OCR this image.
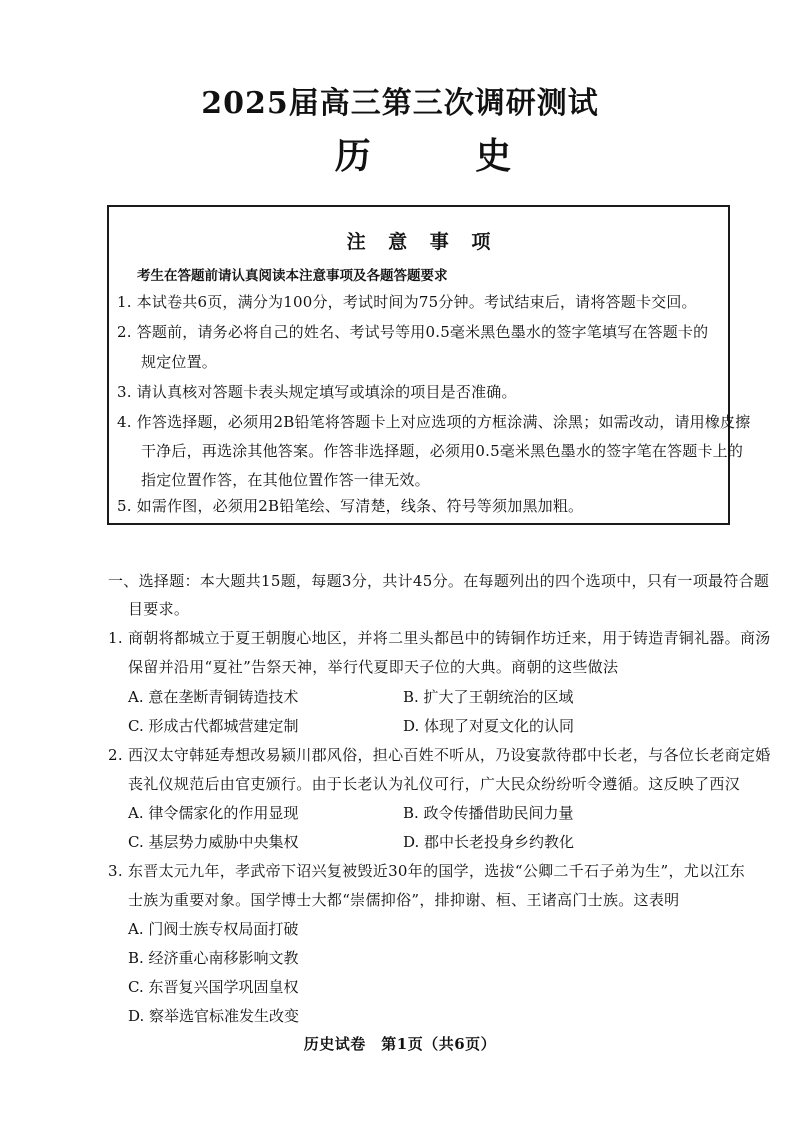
2025届高三第三次调研测试
历 史
注 意 事 项
考生在答题前请认真阅读本注意事项及各题答题要求
1. 本试卷共6页，满分为100分，考试时间为75分钟。考试结束后，请将答题卡交回。
2. 答题前，请务必将自己的姓名、考试号等用0.5毫米黑色墨水的签字笔填写在答题卡的
规定位置。
3. 请认真核对答题卡表头规定填写或填涂的项目是否准确。
4. 作答选择题，必须用2B铅笔将答题卡上对应选项的方框涂满、涂黑；如需改动，请用橡皮擦
干净后，再选涂其他答案。作答非选择题，必须用0.5毫米黑色墨水的签字笔在答题卡上的
指定位置作答，在其他位置作答一律无效。
5. 如需作图，必须用2B铅笔绘、写清楚，线条、符号等须加黑加粗。
一、选择题：本大题共15题，每题3分，共计45分。在每题列出的四个选项中，只有一项最符合题
目要求。
1. 商朝将都城立于夏王朝腹心地区，并将二里头都邑中的铸铜作坊迁来，用于铸造青铜礼器。商汤
保留并沿用“夏社”告祭天神，举行代夏即天子位的大典。商朝的这些做法
A. 意在垄断青铜铸造技术	B. 扩大了王朝统治的区域
C. 形成古代都城营建定制	D. 体现了对夏文化的认同
2. 西汉太守韩延寿想改易颍川郡风俗，担心百姓不听从，乃设宴款待郡中长老，与各位长老商定婚
丧礼仪规范后由官吏颁行。由于长老认为礼仪可行，广大民众纷纷听令遵循。这反映了西汉
A. 律令儒家化的作用显现	B. 政令传播借助民间力量
C. 基层势力威胁中央集权	D. 郡中长老投身乡约教化
3. 东晋太元九年，孝武帝下诏兴复被毁近30年的国学，选拔“公卿二千石子弟为生”，尤以江东
士族为重要对象。国学博士大都“崇儒抑俗”，排抑谢、桓、王诸高门士族。这表明
A. 门阀士族专权局面打破
B. 经济重心南移影响文教
C. 东晋复兴国学巩固皇权
D. 察举选官标准发生改变
历史试卷　第1页（共6页）
